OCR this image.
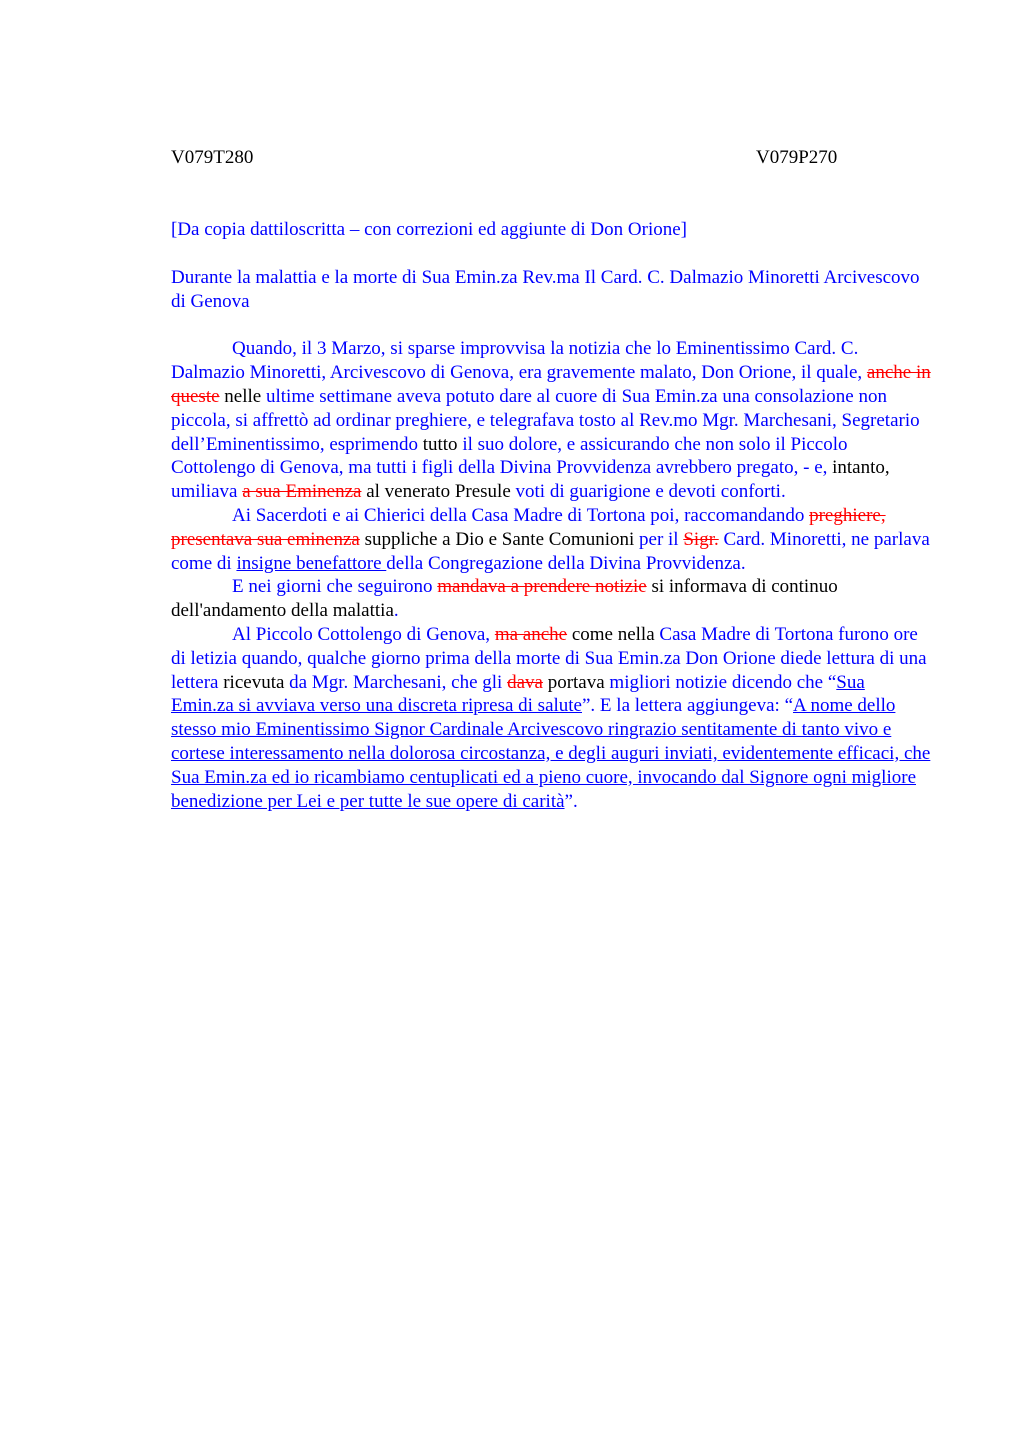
V079T280	V079P270
[Da copia dattiloscritta – con correzioni ed aggiunte di Don Orione]
Durante la malattia e la morte di Sua Emin.za Rev.ma Il Card. C. Dalmazio Minoretti Arcivescovo di Genova

Quando, il 3 Marzo, si sparse improvvisa la notizia che lo Eminentissimo Card. C. Dalmazio Minoretti, Arcivescovo di Genova, era gravemente malato, Don Orione, il quale, anche in queste nelle ultime settimane aveva potuto dare al cuore di Sua Emin.za una consolazione non piccola, si affrettò ad ordinar preghiere, e telegrafava tosto al Rev.mo Mgr. Marchesani, Segretario dell’Eminentissimo, esprimendo tutto il suo dolore, e assicurando che non solo il Piccolo Cottolengo di Genova, ma tutti i figli della Divina Provvidenza avrebbero pregato, - e, intanto, umiliava a sua Eminenza al venerato Presule voti di guarigione e devoti conforti.

Ai Sacerdoti e ai Chierici della Casa Madre di Tortona poi, raccomandando preghiere, presentava sua eminenza suppliche a Dio e Sante Comunioni per il Sigr. Card. Minoretti, ne parlava come di insigne benefattore della Congregazione della Divina Provvidenza.

E nei giorni che seguirono mandava a prendere notizie si informava di continuo dell'andamento della malattia.

Al Piccolo Cottolengo di Genova, ma anche come nella Casa Madre di Tortona furono ore di letizia quando, qualche giorno prima della morte di Sua Emin.za Don Orione diede lettura di una lettera ricevuta da Mgr. Marchesani, che gli dava portava migliori notizie dicendo che “Sua Emin.za si avviava verso una discreta ripresa di salute”. E la lettera aggiungeva: “A nome dello stesso mio Eminentissimo Signor Cardinale Arcivescovo ringrazio sentitamente di tanto vivo e cortese interessamento nella dolorosa circostanza, e degli auguri inviati, evidentemente efficaci, che Sua Emin.za ed io ricambiamo centuplicati ed a pieno cuore, invocando dal Signore ogni migliore benedizione per Lei e per tutte le sue opere di carità”.
